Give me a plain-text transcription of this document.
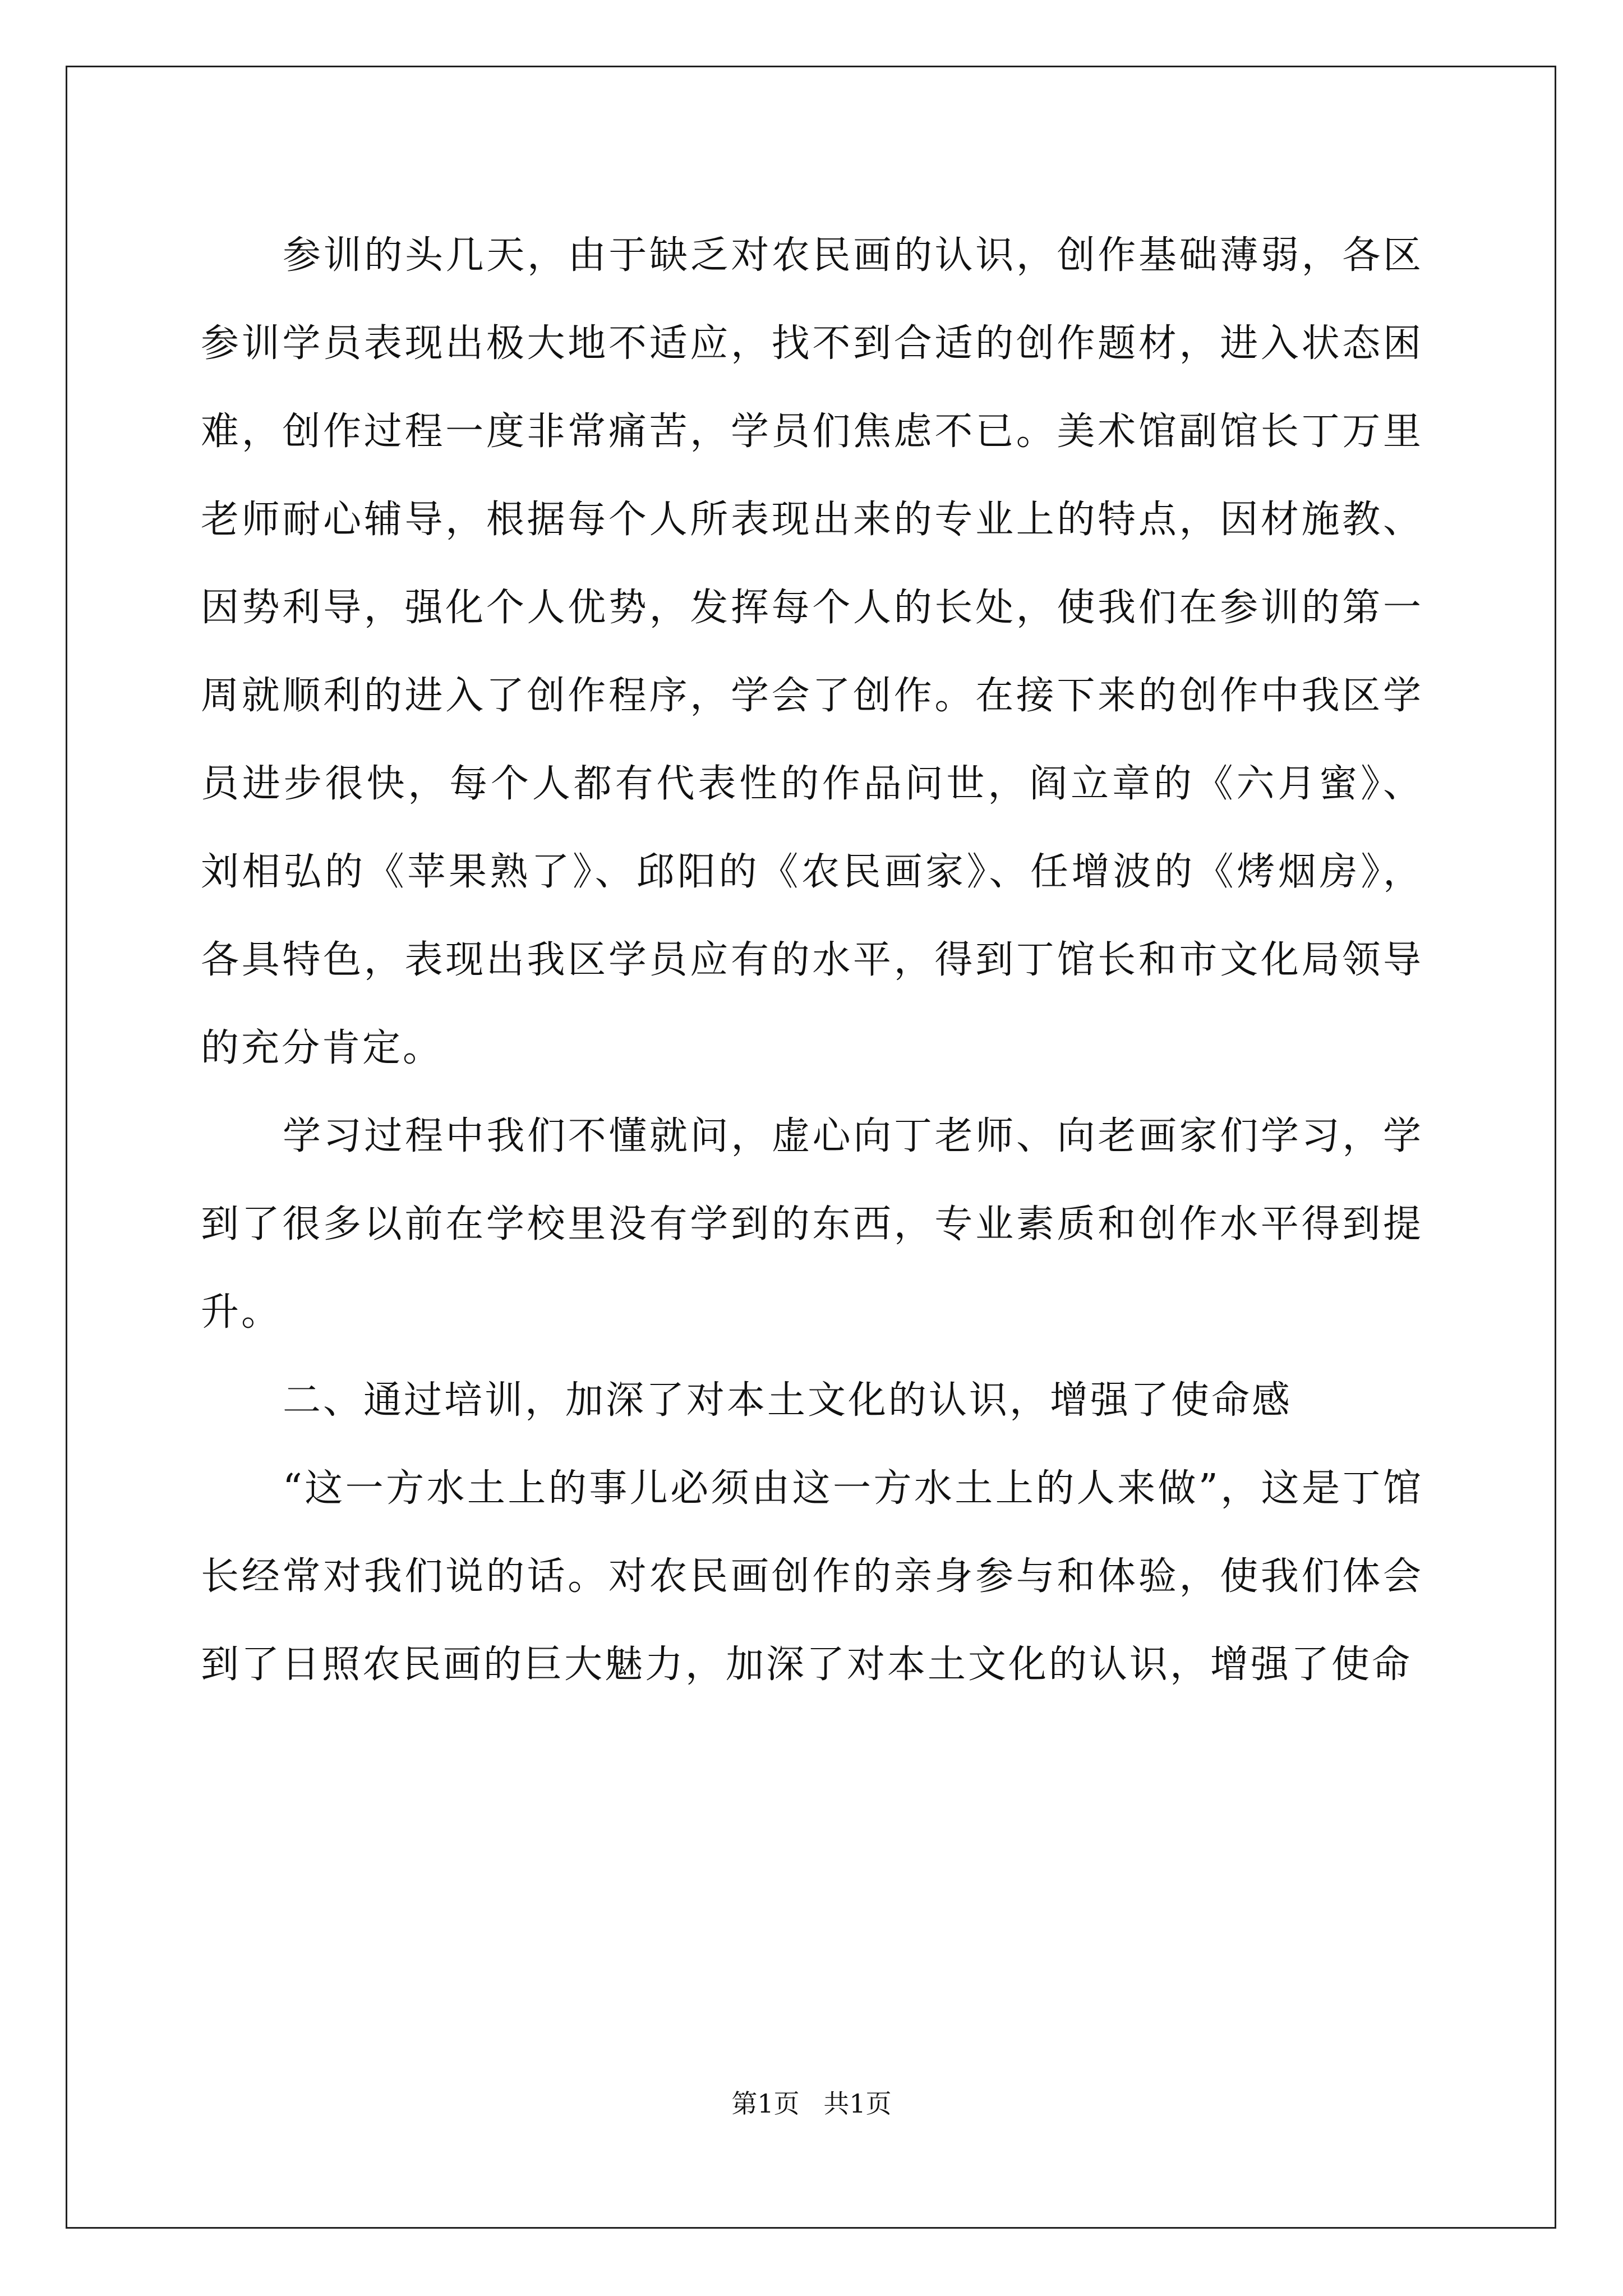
参训的头几天，由于缺乏对农民画的认识，创作基础薄弱，各区参训学员表现出极大地不适应，找不到合适的创作题材，进入状态困难，创作过程一度非常痛苦，学员们焦虑不已。美术馆副馆长丁万里老师耐心辅导，根据每个人所表现出来的专业上的特点，因材施教、因势利导，强化个人优势，发挥每个人的长处，使我们在参训的第一周就顺利的进入了创作程序，学会了创作。在接下来的创作中我区学员进步很快，每个人都有代表性的作品问世，阎立章的《六月蜜》、刘相弘的《苹果熟了》、邱阳的《农民画家》、任增波的《烤烟房》，各具特色，表现出我区学员应有的水平，得到丁馆长和市文化局领导的充分肯定。

学习过程中我们不懂就问，虚心向丁老师、向老画家们学习，学到了很多以前在学校里没有学到的东西，专业素质和创作水平得到提升。

二、通过培训，加深了对本土文化的认识，增强了使命感

“这一方水土上的事儿必须由这一方水土上的人来做”，这是丁馆长经常对我们说的话。对农民画创作的亲身参与和体验，使我们体会到了日照农民画的巨大魅力，加深了对本土文化的认识，增强了使命

第1页 共1页
